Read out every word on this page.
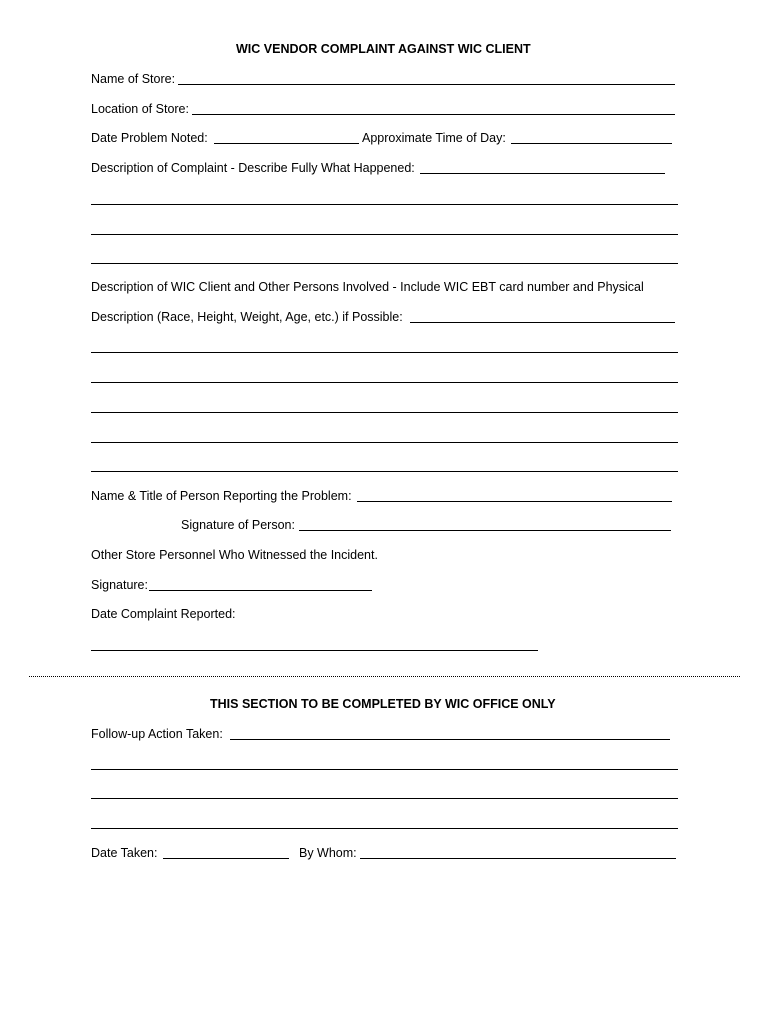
WIC VENDOR COMPLAINT AGAINST WIC CLIENT
Name of Store:
Location of Store:
Date Problem Noted:	Approximate Time of Day:
Description of Complaint - Describe Fully What Happened:
Description of WIC Client and Other Persons Involved - Include WIC EBT card number and Physical
Description (Race, Height, Weight, Age, etc.) if Possible:
Name & Title of Person Reporting the Problem:
Signature of Person:
Other Store Personnel Who Witnessed the Incident.
Signature:
Date Complaint Reported:
THIS SECTION TO BE COMPLETED BY WIC OFFICE ONLY
Follow-up Action Taken:
Date Taken:	By Whom:
